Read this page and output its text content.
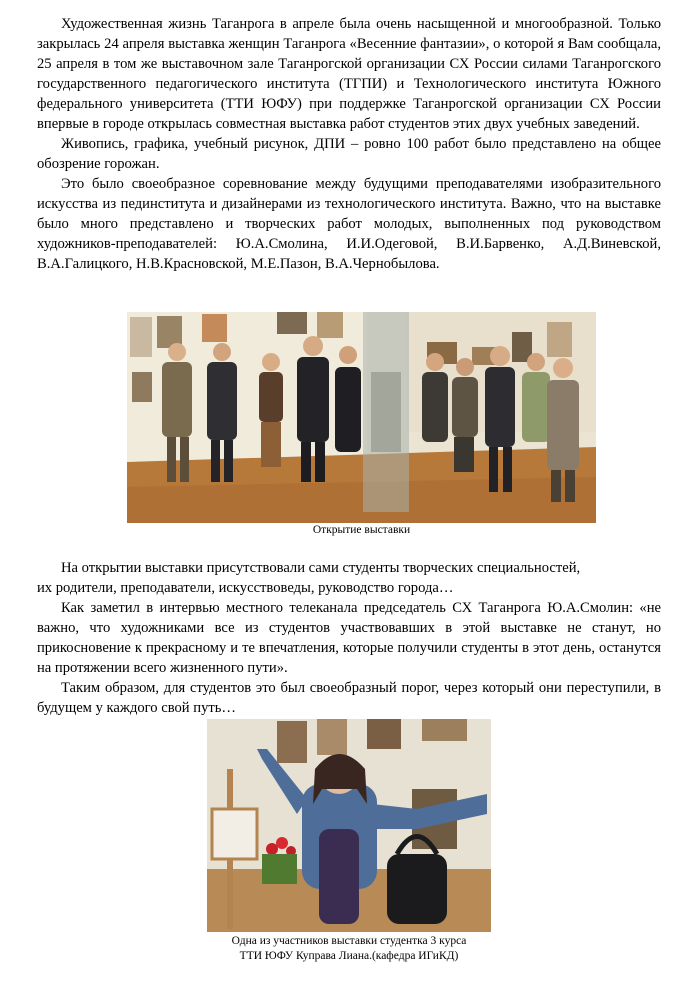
Художественная жизнь Таганрога в апреле была очень насыщенной и многообразной. Только закрылась 24 апреля выставка женщин Таганрога «Весенние фантазии», о которой я Вам сообщала, 25 апреля в том же выставочном зале Таганрогской организации СХ России силами Таганрогского государственного педагогического института (ТГПИ) и Технологического института Южного федерального университета (ТТИ ЮФУ) при поддержке Таганрогской организации СХ России впервые в городе открылась совместная выставка работ студентов этих двух учебных заведений.

Живопись, графика, учебный рисунок, ДПИ – ровно 100 работ было представлено на общее обозрение горожан.

Это было своеобразное соревнование между будущими преподавателями изобразительного искусства из пединститута и дизайнерами из технологического института. Важно, что на выставке было много представлено и творческих работ молодых, выполненных под руководством художников-преподавателей: Ю.А.Смолина, И.И.Одеговой, В.И.Барвенко, А.Д.Виневской, В.А.Галицкого, Н.В.Красновской, М.Е.Пазон, В.А.Чернобылова.

Открытие выставки
На открытии выставки присутствовали сами студенты творческих специальностей,
их родители, преподаватели, искусствоведы, руководство города…

Как заметил в интервью местного телеканала председатель СХ Таганрога Ю.А.Смолин: «не важно, что художниками все из студентов участвовавших в этой выставке не станут, но прикосновение к прекрасному и те впечатления, которые получили студенты в этот день, останутся на протяжении всего жизненного пути».

Таким образом, для студентов это был своеобразный порог, через который они переступили, в будущем у каждого свой путь…

Одна из участников выставки студентка 3 курса
ТТИ ЮФУ Куправа Лиана.(кафедра ИГиКД)
